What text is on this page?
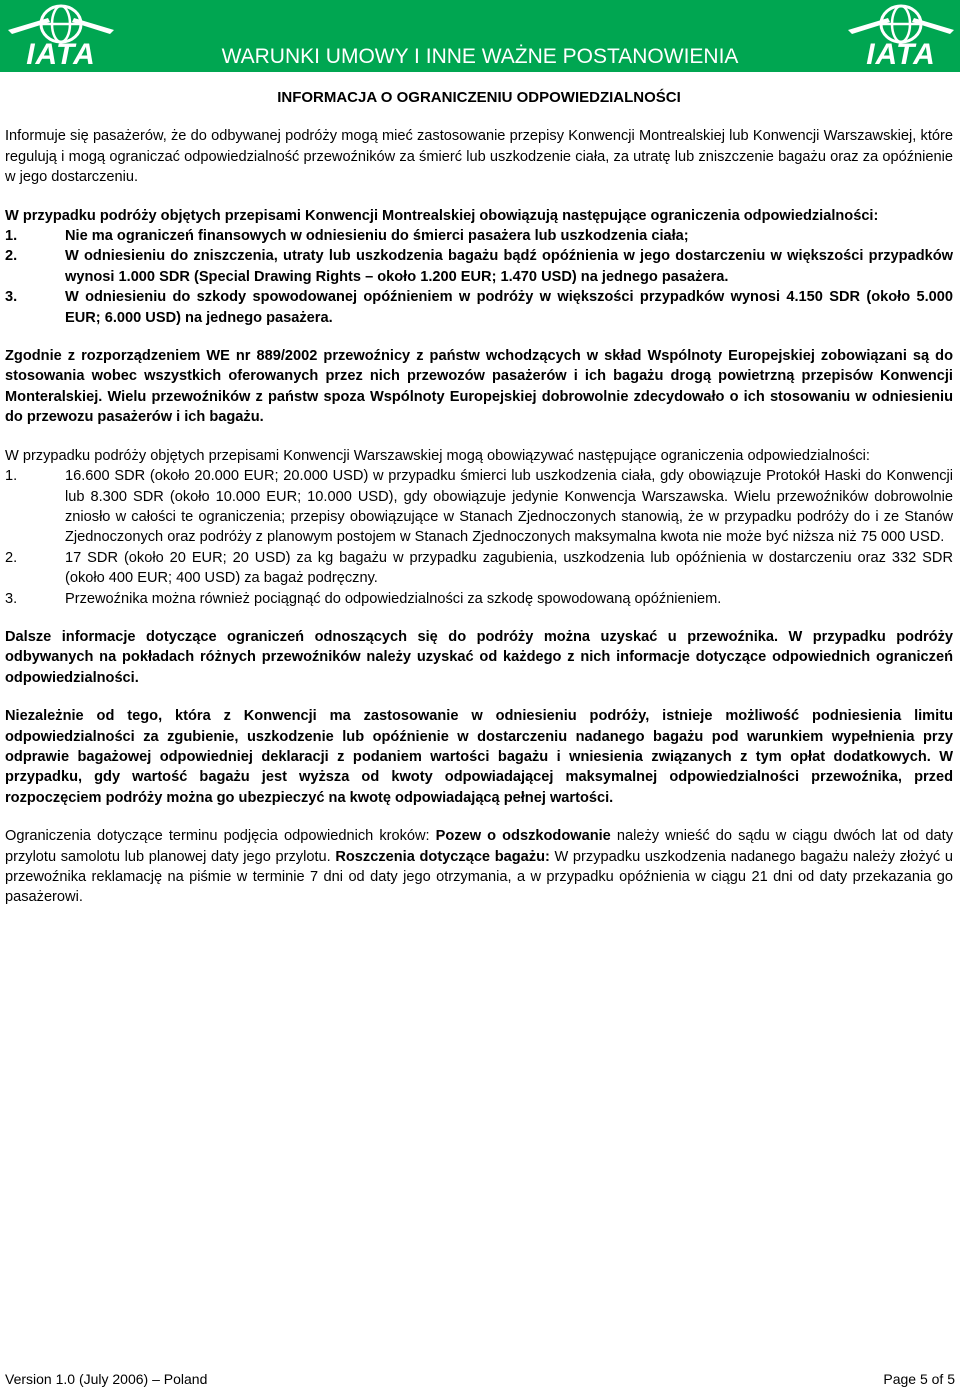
IATA	WARUNKI UMOWY I INNE WAŻNE POSTANOWIENIA	IATA

INFORMACJA O OGRANICZENIU ODPOWIEDZIALNOŚCI

Informuje się pasażerów, że do odbywanej podróży mogą mieć zastosowanie przepisy Konwencji Montrealskiej lub Konwencji Warszawskiej, które regulują i mogą ograniczać odpowiedzialność przewoźników za śmierć lub uszkodzenie ciała, za utratę lub zniszczenie bagażu oraz za opóźnienie w jego dostarczeniu.

W przypadku podróży objętych przepisami Konwencji Montrealskiej obowiązują następujące ograniczenia odpowiedzialności:

1.	Nie ma ograniczeń finansowych w odniesieniu do śmierci pasażera lub uszkodzenia ciała;
2.	W odniesieniu do zniszczenia, utraty lub uszkodzenia bagażu bądź opóźnienia w jego dostarczeniu w większości przypadków wynosi 1.000 SDR (Special Drawing Rights – około 1.200 EUR; 1.470 USD) na jednego pasażera.
3.	W odniesieniu do szkody spowodowanej opóźnieniem w podróży w większości przypadków wynosi 4.150 SDR (około 5.000 EUR; 6.000 USD) na jednego pasażera.

Zgodnie z rozporządzeniem WE nr 889/2002 przewoźnicy z państw wchodzących w skład Wspólnoty Europejskiej zobowiązani są do stosowania wobec wszystkich oferowanych przez nich przewozów pasażerów i ich bagażu drogą powietrzną przepisów Konwencji Monteralskiej. Wielu przewoźników z państw spoza Wspólnoty Europejskiej dobrowolnie zdecydowało o ich stosowaniu w odniesieniu do przewozu pasażerów i ich bagażu.

W przypadku podróży objętych przepisami Konwencji Warszawskiej mogą obowiązywać następujące ograniczenia odpowiedzialności:

1.	16.600 SDR (około 20.000 EUR; 20.000 USD) w przypadku śmierci lub uszkodzenia ciała, gdy obowiązuje Protokół Haski do Konwencji lub 8.300 SDR (około 10.000 EUR; 10.000 USD), gdy obowiązuje jedynie Konwencja Warszawska. Wielu przewoźników dobrowolnie zniosło w całości te ograniczenia; przepisy obowiązujące w Stanach Zjednoczonych stanowią, że w przypadku podróży do i ze Stanów Zjednoczonych oraz podróży z planowym postojem w Stanach Zjednoczonych maksymalna kwota nie może być niższa niż 75 000 USD.
2.	17 SDR (około 20 EUR; 20 USD) za kg bagażu w przypadku zagubienia, uszkodzenia lub opóźnienia w dostarczeniu oraz 332 SDR (około 400 EUR; 400 USD) za bagaż podręczny.
3.	Przewoźnika można również pociągnąć do odpowiedzialności za szkodę spowodowaną opóźnieniem.

Dalsze informacje dotyczące ograniczeń odnoszących się do podróży można uzyskać u przewoźnika. W przypadku podróży odbywanych na pokładach różnych przewoźników należy uzyskać od każdego z nich informacje dotyczące odpowiednich ograniczeń odpowiedzialności.

Niezależnie od tego, która z Konwencji ma zastosowanie w odniesieniu podróży, istnieje możliwość podniesienia limitu odpowiedzialności za zgubienie, uszkodzenie lub opóźnienie w dostarczeniu nadanego bagażu pod warunkiem wypełnienia przy odprawie bagażowej odpowiedniej deklaracji z podaniem wartości bagażu i wniesienia związanych z tym opłat dodatkowych. W przypadku, gdy wartość bagażu jest wyższa od kwoty odpowiadającej maksymalnej odpowiedzialności przewoźnika, przed rozpoczęciem podróży można go ubezpieczyć na kwotę odpowiadającą pełnej wartości.

Ograniczenia dotyczące terminu podjęcia odpowiednich kroków: Pozew o odszkodowanie należy wnieść do sądu w ciągu dwóch lat od daty przylotu samolotu lub planowej daty jego przylotu. Roszczenia dotyczące bagażu: W przypadku uszkodzenia nadanego bagażu należy złożyć u przewoźnika reklamację na piśmie w terminie 7 dni od daty jego otrzymania, a w przypadku opóźnienia w ciągu 21 dni od daty przekazania go pasażerowi.

Version 1.0 (July 2006) – Poland	Page 5 of 5
